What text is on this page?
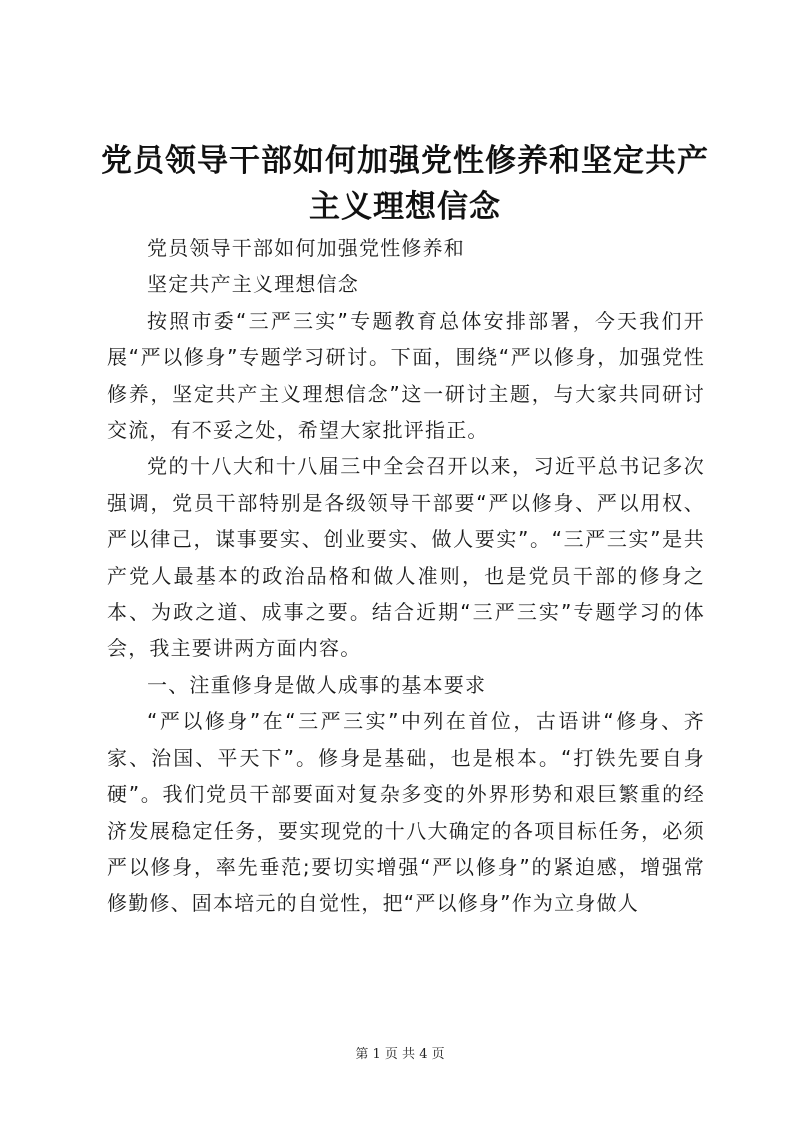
党员领导干部如何加强党性修养和坚定共产主义理想信念

党员领导干部如何加强党性修养和

坚定共产主义理想信念

按照市委“三严三实”专题教育总体安排部署，今天我们开展“严以修身”专题学习研讨。下面，围绕“严以修身，加强党性修养，坚定共产主义理想信念”这一研讨主题，与大家共同研讨交流，有不妥之处，希望大家批评指正。

党的十八大和十八届三中全会召开以来，习近平总书记多次强调，党员干部特别是各级领导干部要“严以修身、严以用权、严以律己，谋事要实、创业要实、做人要实”。“三严三实”是共产党人最基本的政治品格和做人准则，也是党员干部的修身之本、为政之道、成事之要。结合近期“三严三实”专题学习的体会，我主要讲两方面内容。

一、注重修身是做人成事的基本要求

“严以修身”在“三严三实”中列在首位，古语讲“修身、齐家、治国、平天下”。修身是基础，也是根本。“打铁先要自身硬”。我们党员干部要面对复杂多变的外界形势和艰巨繁重的经济发展稳定任务，要实现党的十八大确定的各项目标任务，必须严以修身，率先垂范;要切实增强“严以修身”的紧迫感，增强常修勤修、固本培元的自觉性，把“严以修身”作为立身做人

第 1 页 共 4 页
